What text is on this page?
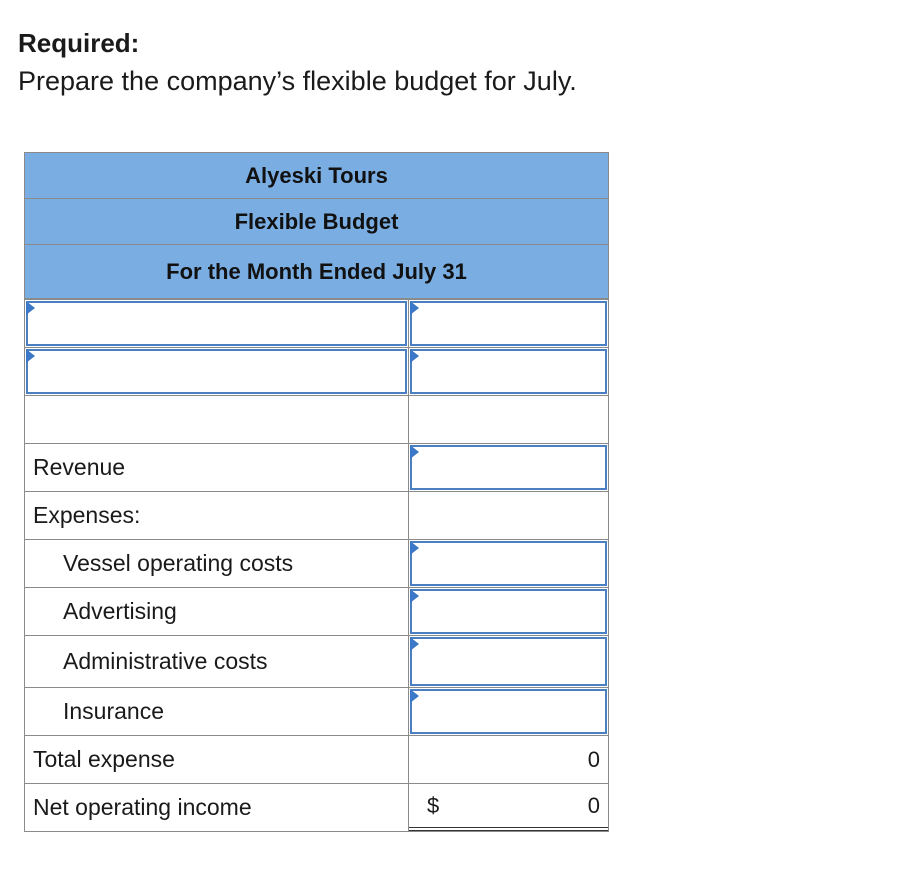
Required:
Prepare the company’s flexible budget for July.
Alyeski Tours
Flexible Budget
For the Month Ended July 31
Revenue
Expenses:
Vessel operating costs
Advertising
Administrative costs
Insurance
Total expense	0
Net operating income	$	0
